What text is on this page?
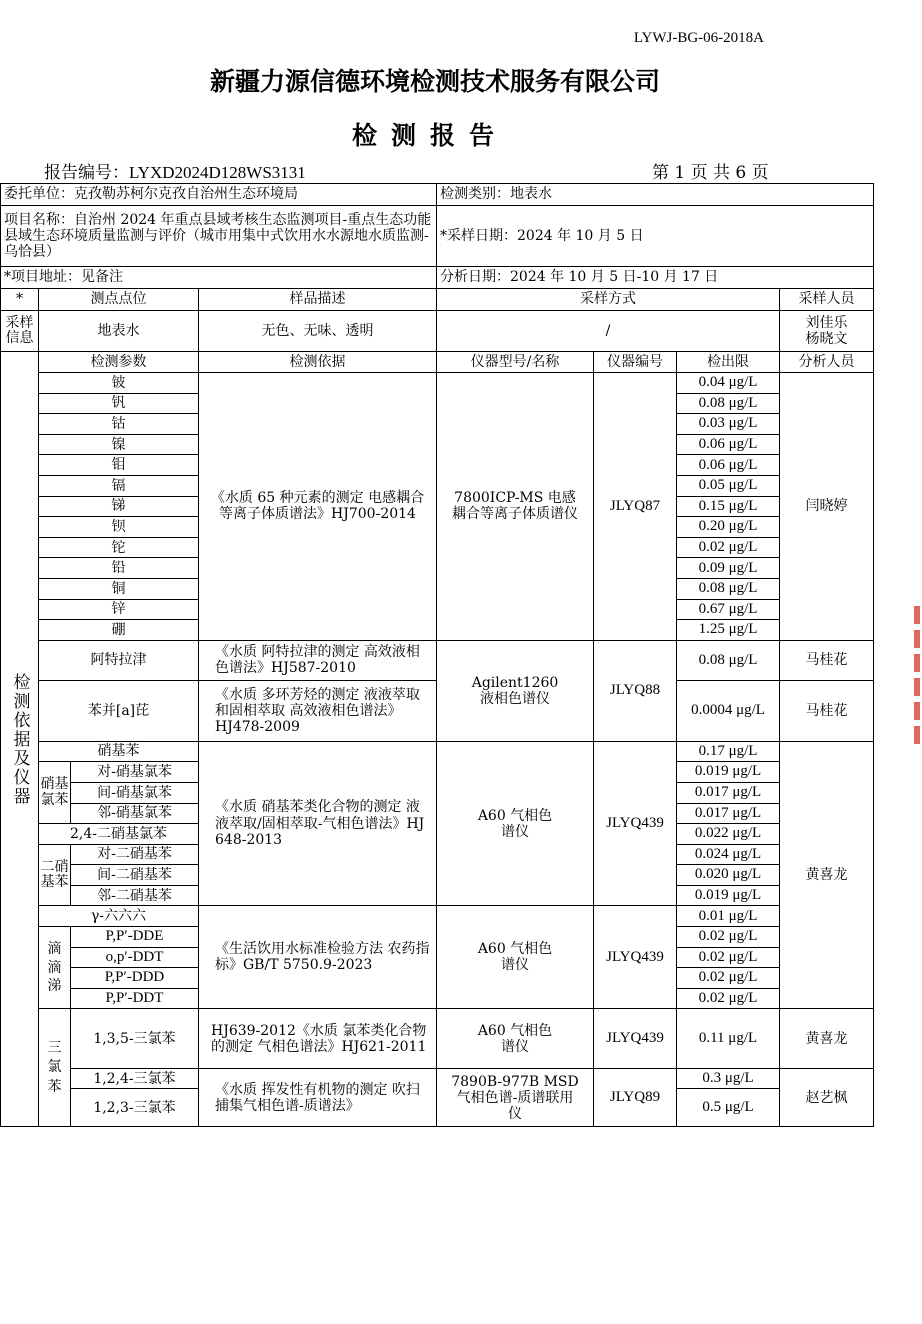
LYWJ-BG-06-2018A
新疆力源信德环境检测技术服务有限公司
检测报告
报告编号：LYXD2024D128WS3131	第 1 页 共 6 页
委托单位：克孜勒苏柯尔克孜自治州生态环境局				检测类别：地表水			
项目名称：自治州 2024 年重点县域考核生态监测项目-重点生态功能县域生态环境质量监测与评价（城市用集中式饮用水水源地水质监测-乌恰县）				*采样日期：2024 年 10 月 5 日			
*项目地址：见备注				分析日期：2024 年 10 月 5 日-10 月 17 日			
*	测点点位		样品描述	采样方式			采样人员
采样信息	地表水		无色、无味、透明	/			刘佳乐
杨晓文

检测依据及仪器	检测参数		检测依据	仪器型号/名称	仪器编号	检出限	分析人员
	铍		《水质 65 种元素的测定 电感耦合等离子体质谱法》HJ700-2014	7800ICP-MS 电感耦合等离子体质谱仪	JLYQ87	0.04 μg/L	闫晓婷
	钒					0.08 μg/L	
	钴					0.03 μg/L	
	镍					0.06 μg/L	
	钼					0.06 μg/L	
	镉					0.05 μg/L	
	锑					0.15 μg/L	
	钡					0.20 μg/L	
	铊					0.02 μg/L	
	铅					0.09 μg/L	
	铜					0.08 μg/L	
	锌					0.67 μg/L	
	硼					1.25 μg/L	
	阿特拉津		《水质 阿特拉津的测定 高效液相色谱法》HJ587-2010	Agilent1260 液相色谱仪	JLYQ88	0.08 μg/L	马桂花
	苯并[a]芘		《水质 多环芳烃的测定 液液萃取和固相萃取 高效液相色谱法》HJ478-2009			0.0004 μg/L	马桂花
	硝基苯		《水质 硝基苯类化合物的测定 液液萃取/固相萃取-气相色谱法》HJ 648-2013	A60 气相色谱仪	JLYQ439	0.17 μg/L	黄喜龙
	硝基氯苯	对-硝基氯苯				0.019 μg/L	
		间-硝基氯苯				0.017 μg/L	
		邻-硝基氯苯				0.017 μg/L	
	2,4-二硝基氯苯					0.022 μg/L	
	二硝基苯	对-二硝基苯				0.024 μg/L	
		间-二硝基苯				0.020 μg/L	
		邻-二硝基苯				0.019 μg/L	
	γ-六六六		《生活饮用水标准检验方法 农药指标》GB/T 5750.9-2023	A60 气相色谱仪	JLYQ439	0.01 μg/L	
	滴滴涕	P,P′-DDE				0.02 μg/L	
		o,p′-DDT				0.02 μg/L	
		P,P′-DDD				0.02 μg/L	
		P,P′-DDT				0.02 μg/L	
	三氯苯	1,3,5-三氯苯	HJ639-2012《水质 氯苯类化合物的测定 气相色谱法》HJ621-2011	A60 气相色谱仪	JLYQ439	0.11 μg/L	黄喜龙
		1,2,4-三氯苯	《水质 挥发性有机物的测定 吹扫捕集气相色谱-质谱法》	7890B-977B MSD 气相色谱-质谱联用仪	JLYQ89	0.3 μg/L	赵艺枫
		1,2,3-三氯苯				0.5 μg/L	
